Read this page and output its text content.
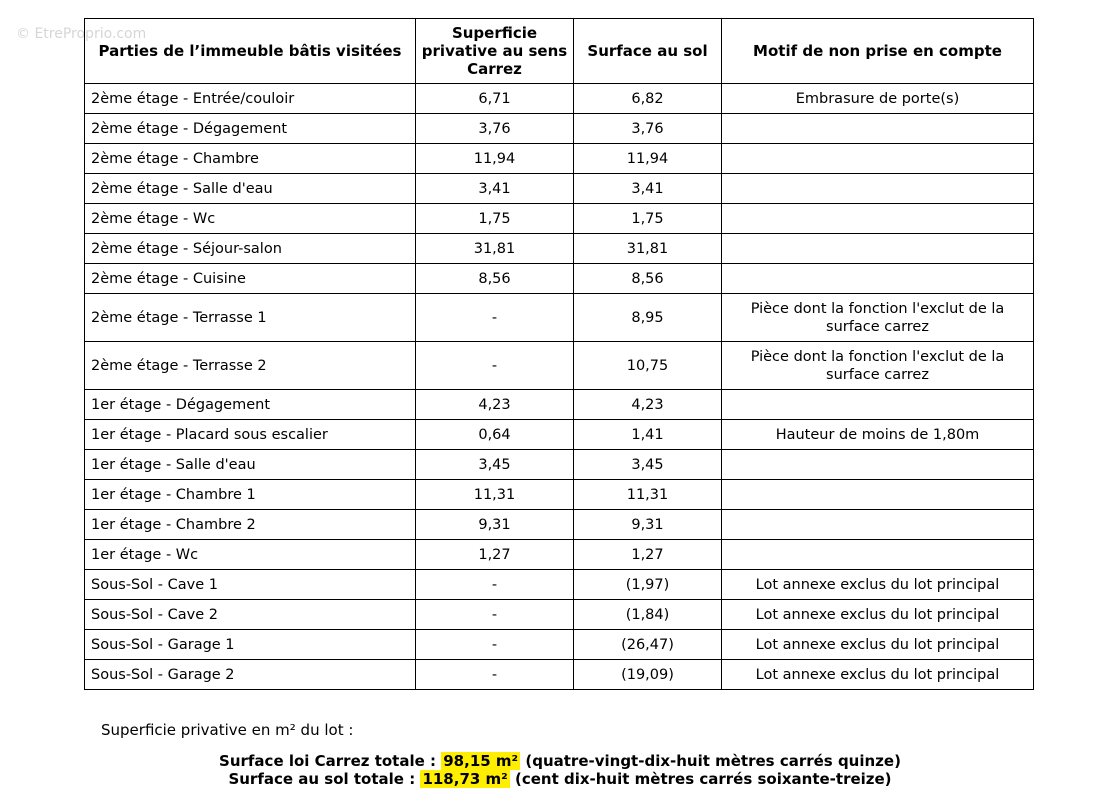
© EtreProprio.com
Parties de l’immeuble bâtis visitées	Superficie privative au sens Carrez	Surface au sol	Motif de non prise en compte
2ème étage - Entrée/couloir	6,71	6,82	Embrasure de porte(s)
2ème étage - Dégagement	3,76	3,76	
2ème étage - Chambre	11,94	11,94	
2ème étage - Salle d'eau	3,41	3,41	
2ème étage - Wc	1,75	1,75	
2ème étage - Séjour-salon	31,81	31,81	
2ème étage - Cuisine	8,56	8,56	
2ème étage - Terrasse 1	-	8,95	Pièce dont la fonction l'exclut de la surface carrez
2ème étage - Terrasse 2	-	10,75	Pièce dont la fonction l'exclut de la surface carrez
1er étage - Dégagement	4,23	4,23	
1er étage - Placard sous escalier	0,64	1,41	Hauteur de moins de 1,80m
1er étage - Salle d'eau	3,45	3,45	
1er étage - Chambre 1	11,31	11,31	
1er étage - Chambre 2	9,31	9,31	
1er étage - Wc	1,27	1,27	
Sous-Sol - Cave 1	-	(1,97)	Lot annexe exclus du lot principal
Sous-Sol - Cave 2	-	(1,84)	Lot annexe exclus du lot principal
Sous-Sol - Garage 1	-	(26,47)	Lot annexe exclus du lot principal
Sous-Sol - Garage 2	-	(19,09)	Lot annexe exclus du lot principal
Superficie privative en m² du lot :
Surface loi Carrez totale : 98,15 m² (quatre-vingt-dix-huit mètres carrés quinze)
Surface au sol totale : 118,73 m² (cent dix-huit mètres carrés soixante-treize)
